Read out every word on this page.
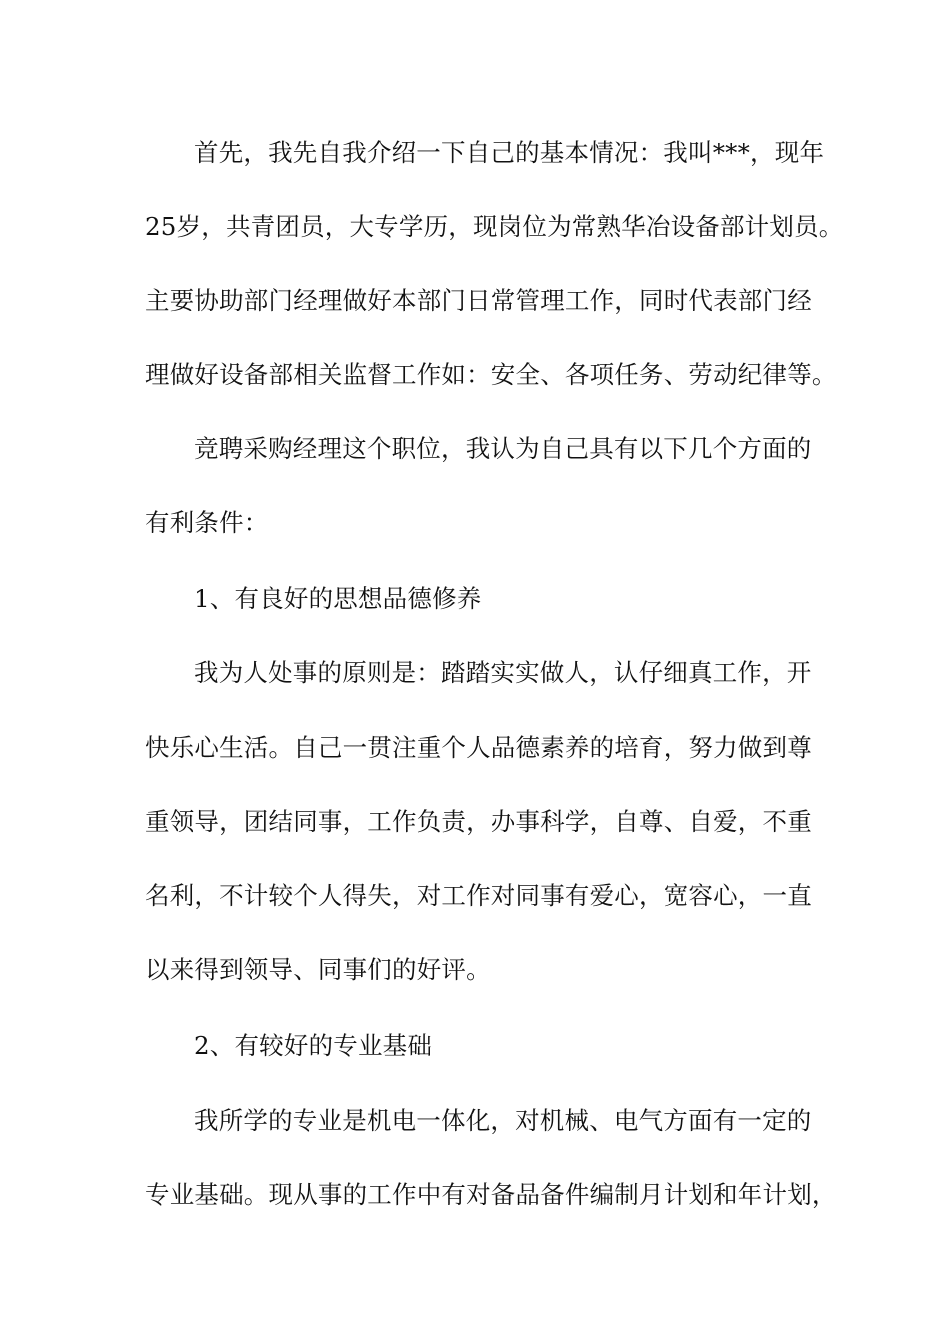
首先，我先自我介绍一下自己的基本情况：我叫***，现年
25岁，共青团员，大专学历，现岗位为常熟华冶设备部计划员。
主要协助部门经理做好本部门日常管理工作，同时代表部门经
理做好设备部相关监督工作如：安全、各项任务、劳动纪律等。
竞聘采购经理这个职位，我认为自己具有以下几个方面的
有利条件：
1、有良好的思想品德修养
我为人处事的原则是：踏踏实实做人，认仔细真工作，开
快乐心生活。自己一贯注重个人品德素养的培育，努力做到尊
重领导，团结同事，工作负责，办事科学，自尊、自爱，不重
名利，不计较个人得失，对工作对同事有爱心，宽容心，一直
以来得到领导、同事们的好评。
2、有较好的专业基础
我所学的专业是机电一体化，对机械、电气方面有一定的
专业基础。现从事的工作中有对备品备件编制月计划和年计划，
